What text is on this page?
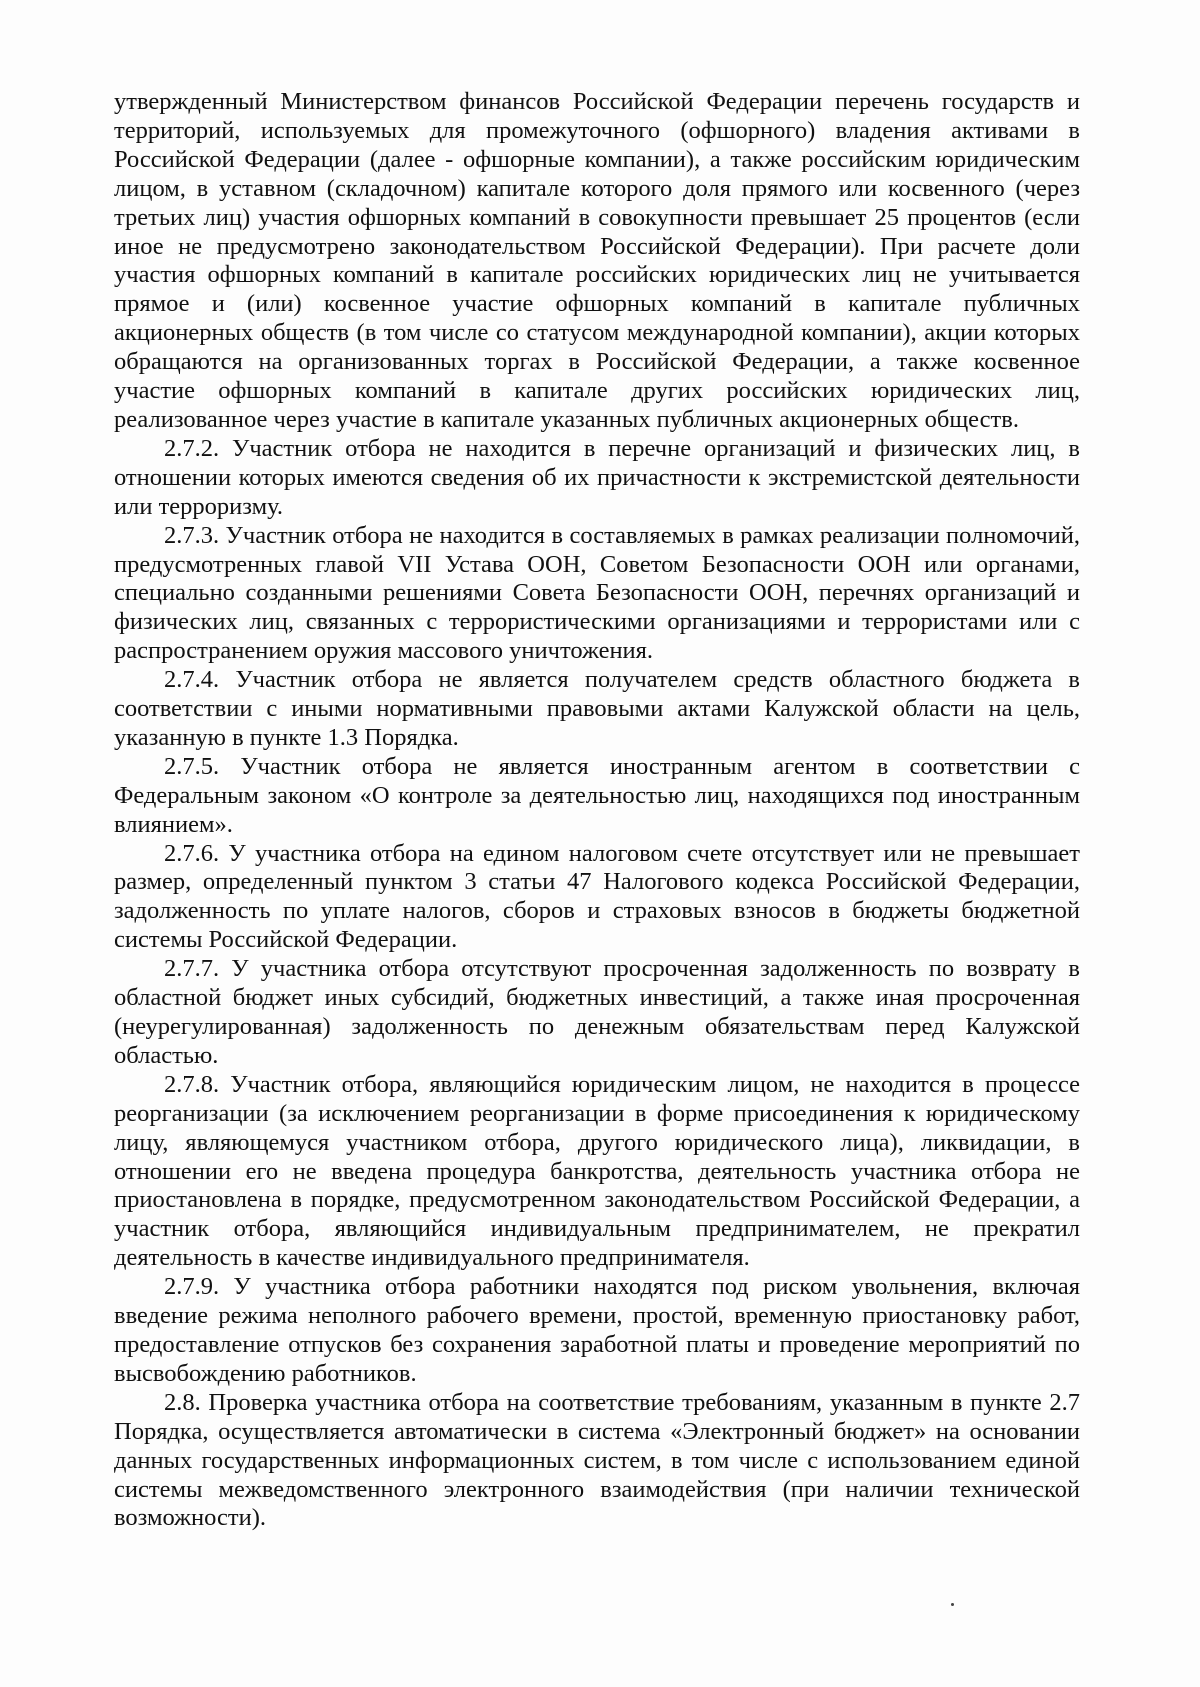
утвержденный Министерством финансов Российской Федерации перечень государств и территорий, используемых для промежуточного (офшорного) владения активами в Российской Федерации (далее - офшорные компании), а также российским юридическим лицом, в уставном (складочном) капитале которого доля прямого или косвенного (через третьих лиц) участия офшорных компаний в совокупности превышает 25 процентов (если иное не предусмотрено законодательством Российской Федерации). При расчете доли участия офшорных компаний в капитале российских юридических лиц не учитывается прямое и (или) косвенное участие офшорных компаний в капитале публичных акционерных обществ (в том числе со статусом международной компании), акции которых обращаются на организованных торгах в Российской Федерации, а также косвенное участие офшорных компаний в капитале других российских юридических лиц, реализованное через участие в капитале указанных публичных акционерных обществ.

2.7.2. Участник отбора не находится в перечне организаций и физических лиц, в отношении которых имеются сведения об их причастности к экстремистской деятельности или терроризму.

2.7.3. Участник отбора не находится в составляемых в рамках реализации полномочий, предусмотренных главой VII Устава ООН, Советом Безопасности ООН или органами, специально созданными решениями Совета Безопасности ООН, перечнях организаций и физических лиц, связанных с террористическими организациями и террористами или с распространением оружия массового уничтожения.

2.7.4. Участник отбора не является получателем средств областного бюджета в соответствии с иными нормативными правовыми актами Калужской области на цель, указанную в пункте 1.3 Порядка.

2.7.5. Участник отбора не является иностранным агентом в соответствии с Федеральным законом «О контроле за деятельностью лиц, находящихся под иностранным влиянием».

2.7.6. У участника отбора на едином налоговом счете отсутствует или не превышает размер, определенный пунктом 3 статьи 47 Налогового кодекса Российской Федерации, задолженность по уплате налогов, сборов и страховых взносов в бюджеты бюджетной системы Российской Федерации.

2.7.7. У участника отбора отсутствуют просроченная задолженность по возврату в областной бюджет иных субсидий, бюджетных инвестиций, а также иная просроченная (неурегулированная) задолженность по денежным обязательствам перед Калужской областью.

2.7.8. Участник отбора, являющийся юридическим лицом, не находится в процессе реорганизации (за исключением реорганизации в форме присоединения к юридическому лицу, являющемуся участником отбора, другого юридического лица), ликвидации, в отношении его не введена процедура банкротства, деятельность участника отбора не приостановлена в порядке, предусмотренном законодательством Российской Федерации, а участник отбора, являющийся индивидуальным предпринимателем, не прекратил деятельность в качестве индивидуального предпринимателя.

2.7.9. У участника отбора работники находятся под риском увольнения, включая введение режима неполного рабочего времени, простой, временную приостановку работ, предоставление отпусков без сохранения заработной платы и проведение мероприятий по высвобождению работников.

2.8. Проверка участника отбора на соответствие требованиям, указанным в пункте 2.7 Порядка, осуществляется автоматически в система «Электронный бюджет» на основании данных государственных информационных систем, в том числе с использованием единой системы межведомственного электронного взаимодействия (при наличии технической возможности).
